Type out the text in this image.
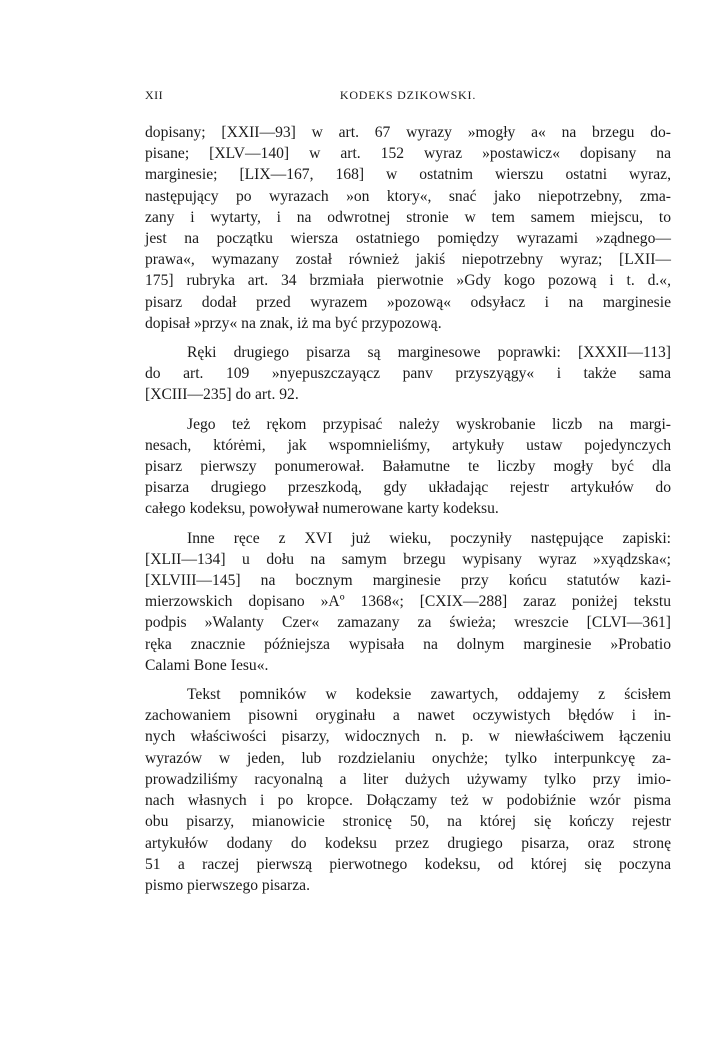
XII	KODEKS DZIKOWSKI.
dopisany; [XXII—93] w art. 67 wyrazy »mogły a« na brzegu do-
pisane; [XLV—140] w art. 152 wyraz »postawicz« dopisany na
marginesie; [LIX—167, 168] w ostatnim wierszu ostatni wyraz,
następujący po wyrazach »on ktory«, snać jako niepotrzebny, zma-
zany i wytarty, i na odwrotnej stronie w tem samem miejscu, to
jest na początku wiersza ostatniego pomiędzy wyrazami »ządnego—
prawa«, wymazany został również jakiś niepotrzebny wyraz; [LXII—
175] rubryka art. 34 brzmiała pierwotnie »Gdy kogo pozową i t. d.«,
pisarz dodał przed wyrazem »pozową« odsyłacz i na marginesie
dopisał »przy« na znak, iż ma być przypozową.
Ręki drugiego pisarza są marginesowe poprawki: [XXXII—113]
do art. 109 »nyepuszczayącz panv przyszyągy« i także sama
[XCIII—235] do art. 92.
Jego też rękom przypisać należy wyskrobanie liczb na margi-
nesach, którėmi, jak wspomnieliśmy, artykuły ustaw pojedynczych
pisarz pierwszy ponumerował. Bałamutne te liczby mogły być dla
pisarza drugiego przeszkodą, gdy układając rejestr artykułów do
całego kodeksu, powoływał numerowane karty kodeksu.
Inne ręce z XVI już wieku, poczyniły następujące zapiski:
[XLII—134] u dołu na samym brzegu wypisany wyraz »xyądzska«;
[XLVIII—145] na bocznym marginesie przy końcu statutów kazi-
mierzowskich dopisano »Aº 1368«; [CXIX—288] zaraz poniżej tekstu
podpis »Walanty Czer« zamazany za świeża; wreszcie [CLVI—361]
ręka znacznie późniejsza wypisała na dolnym marginesie »Probatio
Calami Bone Iesu«.
Tekst pomników w kodeksie zawartych, oddajemy z ścisłem
zachowaniem pisowni oryginału a nawet oczywistych błędów i in-
nych właściwości pisarzy, widocznych n. p. w niewłaściwem łączeniu
wyrazów w jeden, lub rozdzielaniu onychże; tylko interpunkcyę za-
prowadziliśmy racyonalną a liter dużych używamy tylko przy imio-
nach własnych i po kropce. Dołączamy też w podobiźnie wzór pisma
obu pisarzy, mianowicie stronicę 50, na której się kończy rejestr
artykułów dodany do kodeksu przez drugiego pisarza, oraz stronę
51 a raczej pierwszą pierwotnego kodeksu, od której się poczyna
pismo pierwszego pisarza.
